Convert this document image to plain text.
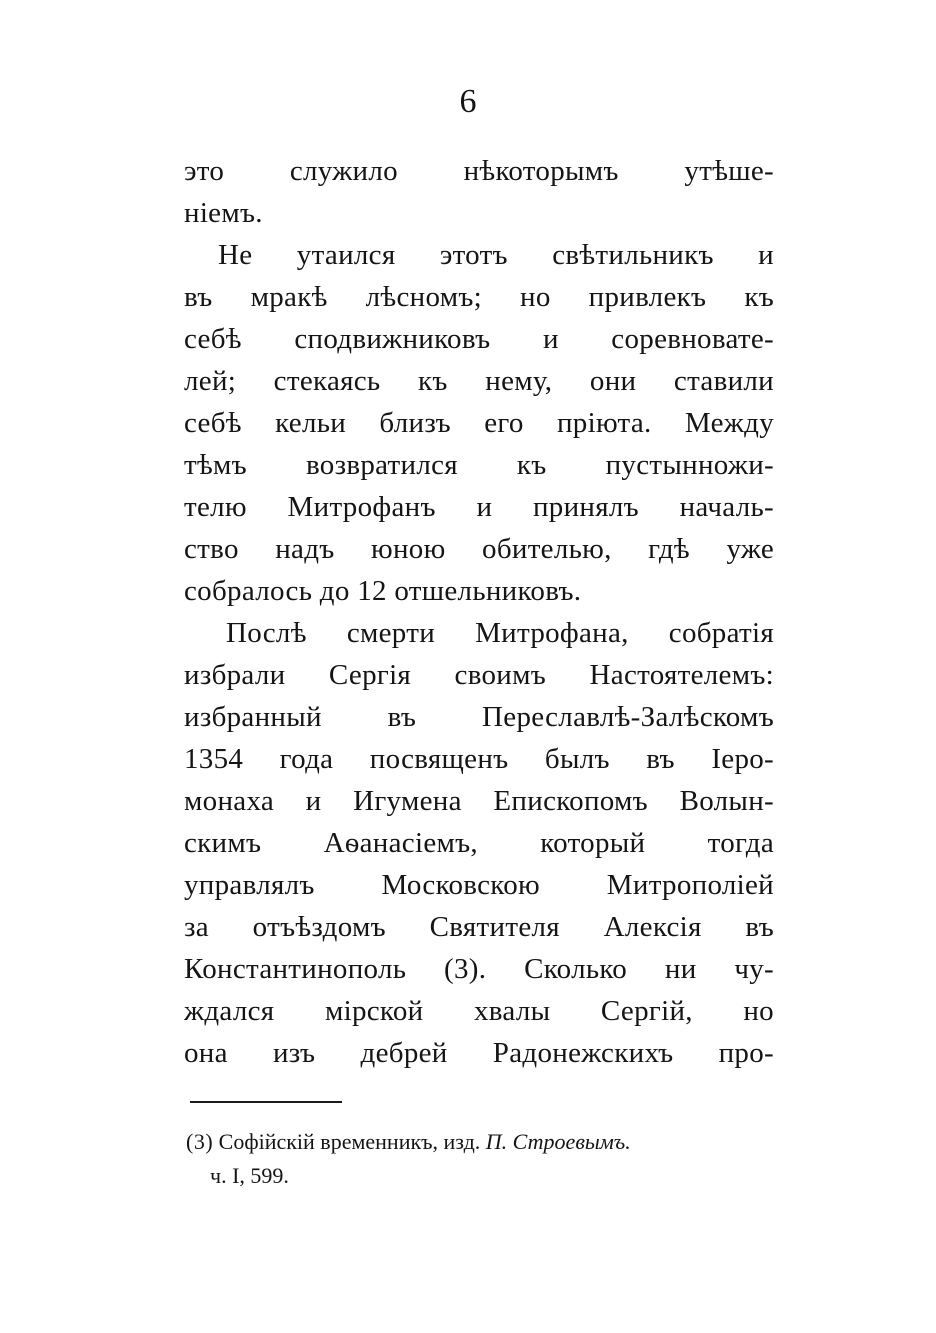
6
это служило нѣкоторымъ утѣше-
ніемъ.
Не утаился этотъ свѣтильникъ и
въ мракѣ лѣсномъ; но привлекъ къ
себѣ сподвижниковъ и соревновате-
лей; стекаясь къ нему, они ставили
себѣ кельи близъ его пріюта. Между
тѣмъ возвратился къ пустынножи-
телю Митрофанъ и принялъ началь-
ство надъ юною обителью, гдѣ уже
собралось до 12 отшельниковъ.
Послѣ смерти Митрофана, собратія
избрали Сергія своимъ Настоятелемъ:
избранный въ Переславлѣ-Залѣскомъ
1354 года посвященъ былъ въ Іеро-
монаха и Игумена Епископомъ Волын-
скимъ Аѳанасіемъ, который тогда
управлялъ Московскою Митрополіей
за отъѣздомъ Святителя Алексія въ
Константинополь (3). Сколько ни чу-
ждался мірской хвалы Сергій, но
она изъ дебрей Радонежскихъ про-
(3) Софійскій временникъ, изд. П. Строевымъ.
ч. I, 599.
